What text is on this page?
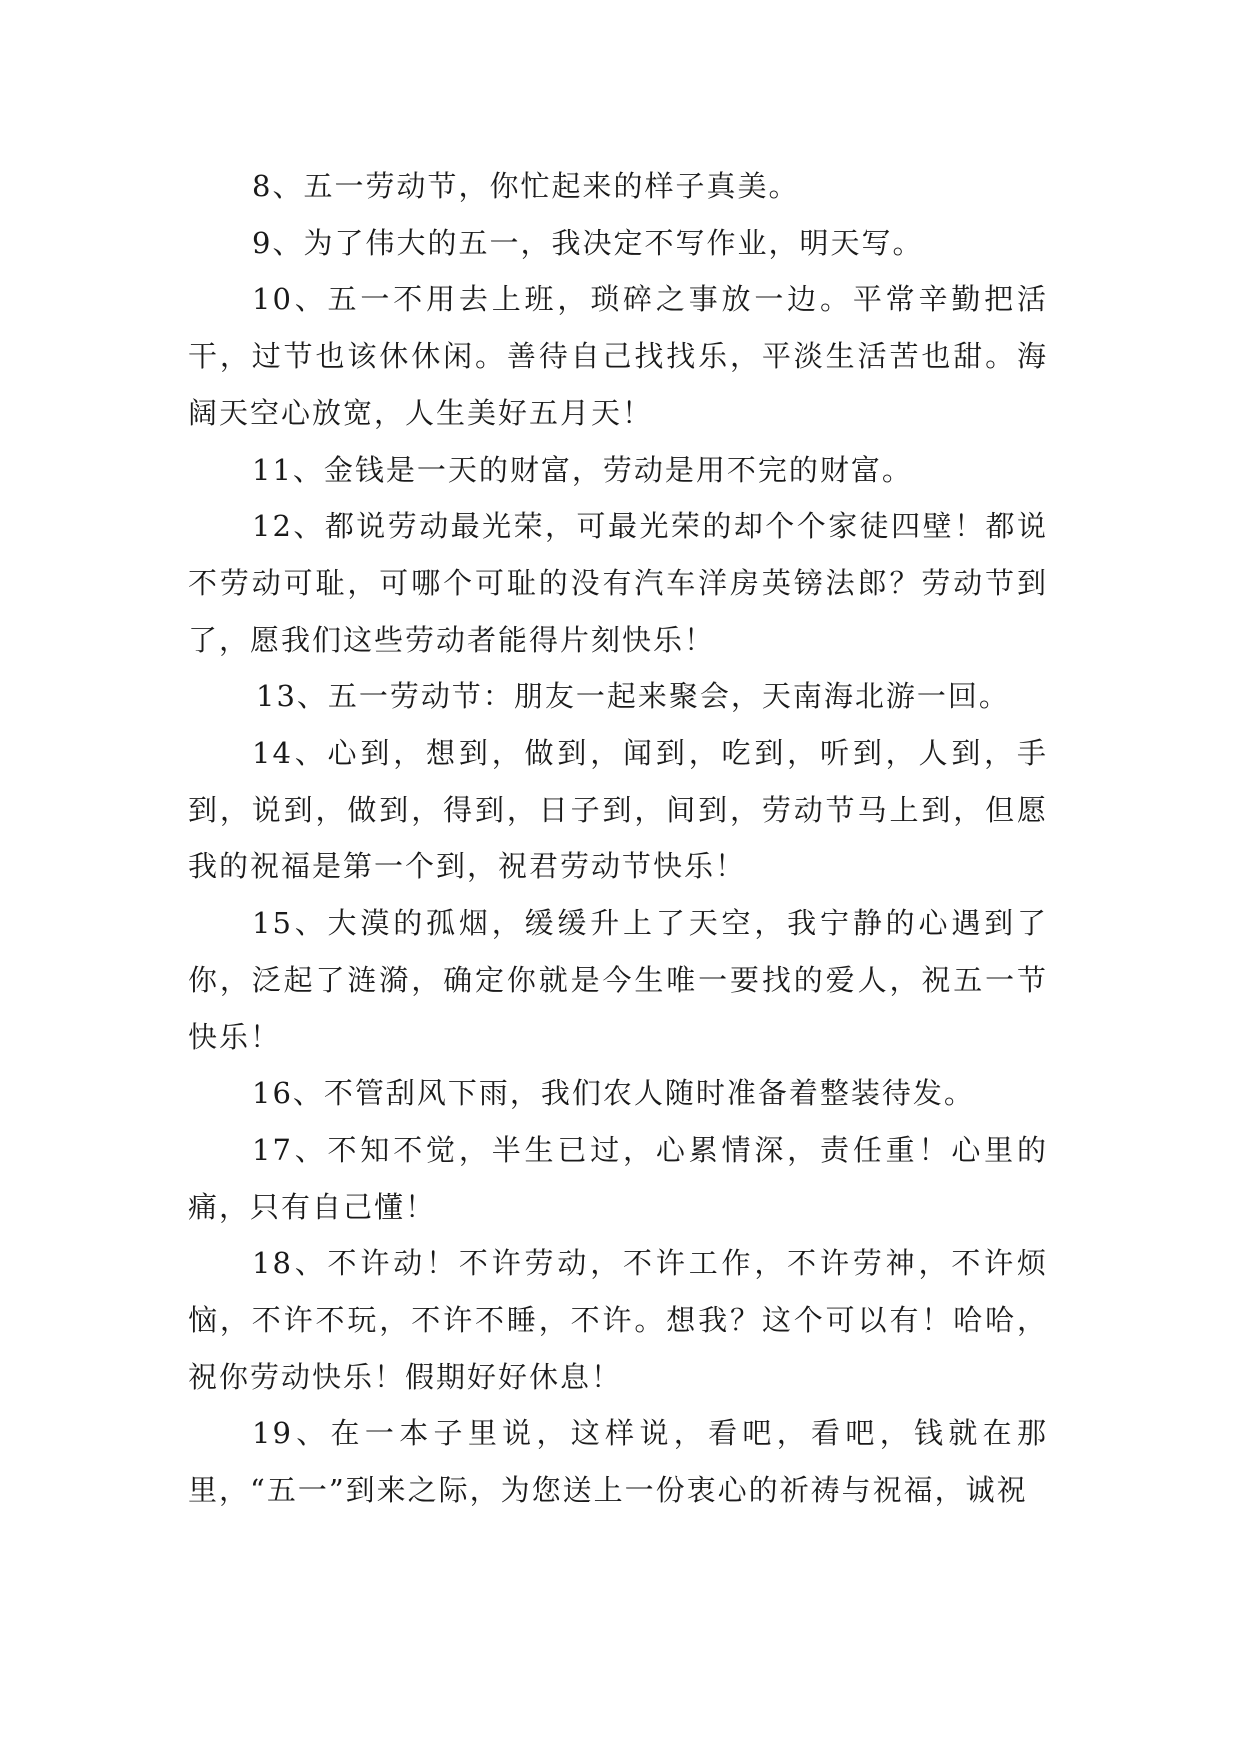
8、五一劳动节，你忙起来的样子真美。

9、为了伟大的五一，我决定不写作业，明天写。

10、五一不用去上班，琐碎之事放一边。平常辛勤把活干，过节也该休休闲。善待自己找找乐，平淡生活苦也甜。海阔天空心放宽，人生美好五月天！

11、金钱是一天的财富，劳动是用不完的财富。

12、都说劳动最光荣，可最光荣的却个个家徒四壁！都说不劳动可耻，可哪个可耻的没有汽车洋房英镑法郎？劳动节到了，愿我们这些劳动者能得片刻快乐！

13、五一劳动节：朋友一起来聚会，天南海北游一回。

14、心到，想到，做到，闻到，吃到，听到，人到，手到，说到，做到，得到，日子到，间到，劳动节马上到，但愿我的祝福是第一个到，祝君劳动节快乐！

15、大漠的孤烟，缓缓升上了天空，我宁静的心遇到了你，泛起了涟漪，确定你就是今生唯一要找的爱人，祝五一节快乐！

16、不管刮风下雨，我们农人随时准备着整装待发。

17、不知不觉，半生已过，心累情深，责任重！心里的痛，只有自己懂！

18、不许动！不许劳动，不许工作，不许劳神，不许烦恼，不许不玩，不许不睡，不许。想我？这个可以有！哈哈，祝你劳动快乐！假期好好休息！

19、在一本子里说，这样说，看吧，看吧，钱就在那里，“五一”到来之际，为您送上一份衷心的祈祷与祝福，诚祝
